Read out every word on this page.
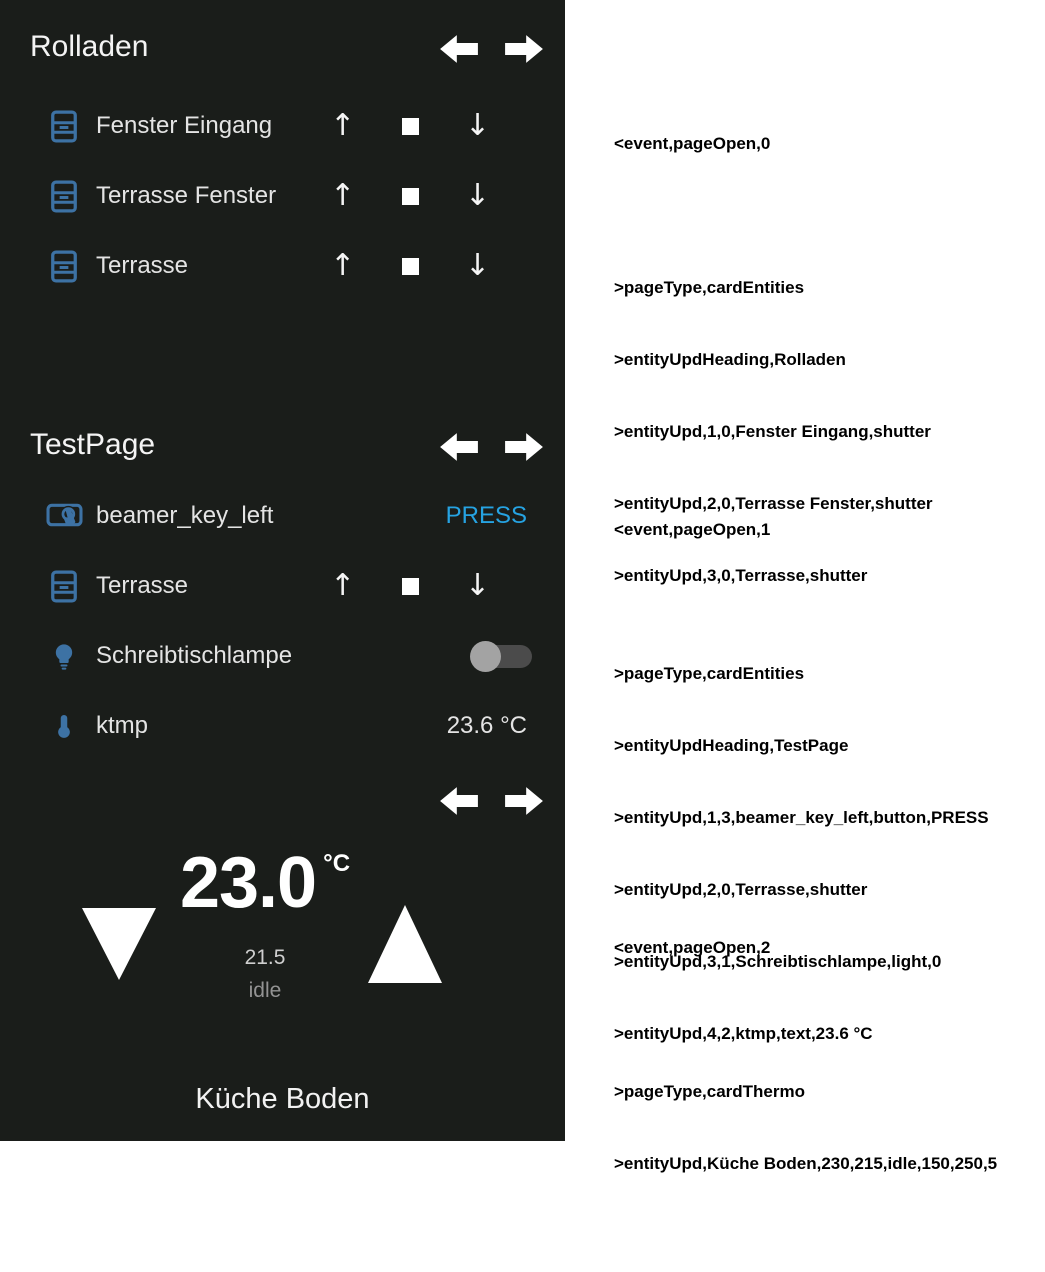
Rolladen
Fenster Eingang ↑	↓
Terrasse Fenster ↑	↓
Terrasse	↑	↓
TestPage
beamer_key_left	PRESS
Terrasse	↑	↓
Schreibtischlampe
ktmp	23.6 °C
23.0 °C
21.5
idle
Küche Boden

<event,pageOpen,0

>pageType,cardEntities

>entityUpdHeading,Rolladen

>entityUpd,1,0,Fenster Eingang,shutter

>entityUpd,2,0,Terrasse Fenster,shutter

>entityUpd,3,0,Terrasse,shutter

<event,pageOpen,1

>pageType,cardEntities

>entityUpdHeading,TestPage

>entityUpd,1,3,beamer_key_left,button,PRESS

>entityUpd,2,0,Terrasse,shutter

>entityUpd,3,1,Schreibtischlampe,light,0

>entityUpd,4,2,ktmp,text,23.6 °C

<event,pageOpen,2

>pageType,cardThermo

>entityUpd,Küche Boden,230,215,idle,150,250,5
